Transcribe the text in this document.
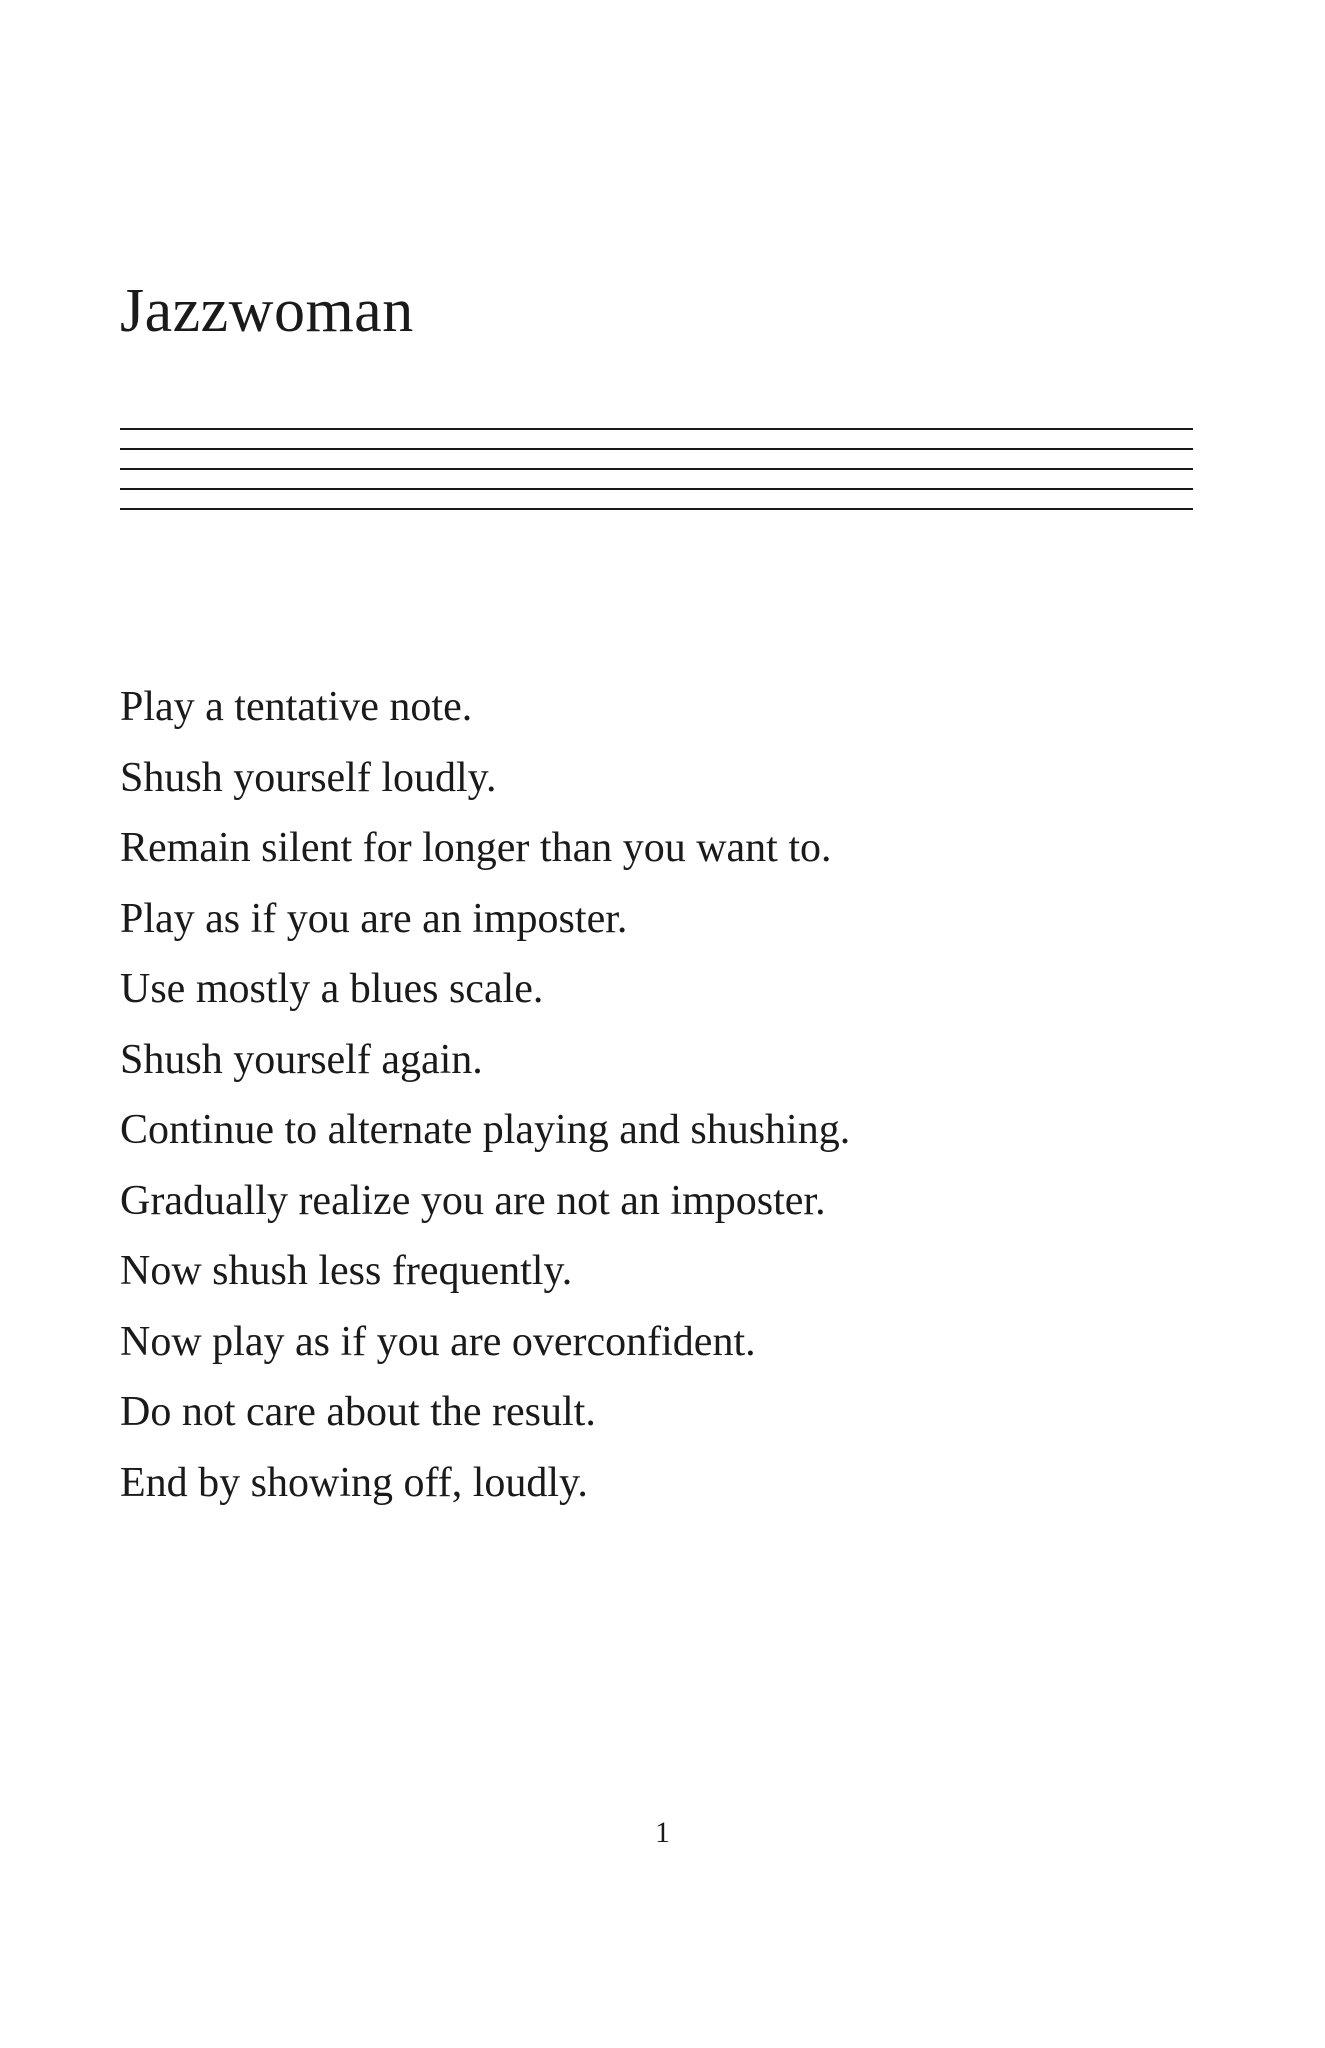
Jazzwoman
Play a tentative note.
Shush yourself loudly.
Remain silent for longer than you want to.
Play as if you are an imposter.
Use mostly a blues scale.
Shush yourself again.
Continue to alternate playing and shushing.
Gradually realize you are not an imposter.
Now shush less frequently.
Now play as if you are overconfident.
Do not care about the result.
End by showing off, loudly.
1
